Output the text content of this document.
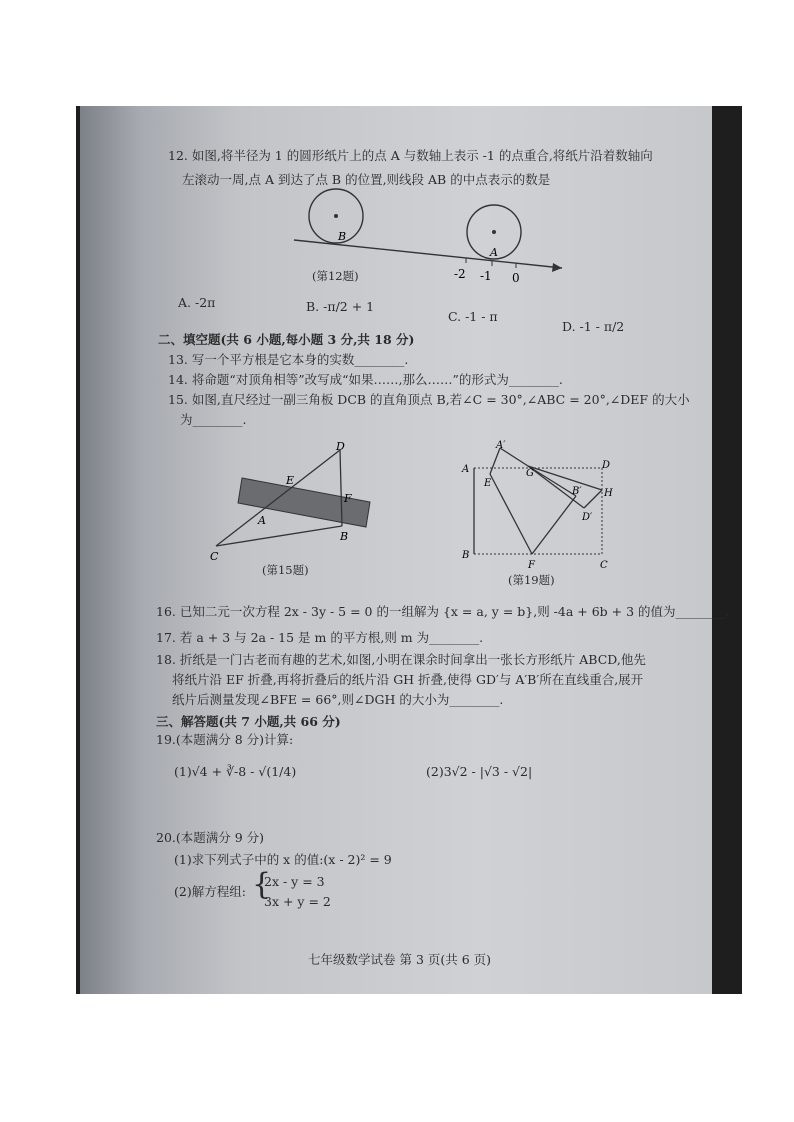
12. 如图,将半径为 1 的圆形纸片上的点 A 与数轴上表示 -1 的点重合,将纸片沿着数轴向
左滚动一周,点 A 到达了点 B 的位置,则线段 AB 的中点表示的数是
B
A
-2 -1 0
(第12题)
A. -2π	B. -π/2 + 1
C. -1 - π
D. -1 - π/2
二、填空题(共 6 小题,每小题 3 分,共 18 分)
13. 写一个平方根是它本身的实数________.
14. 将命题“对顶角相等”改写成“如果……,那么……”的形式为________.
15. 如图,直尺经过一副三角板 DCB 的直角顶点 B,若∠C = 30°,∠ABC = 20°,∠DEF 的大小
为________.
D
E
F
A
B
C
(第15题)
A′
A
E
G
D
B′ H
D′
B
F	C
(第19题)
16. 已知二元一次方程 2x - 3y - 5 = 0 的一组解为 {x = a, y = b},则 -4a + 6b + 3 的值为________.
17. 若 a + 3 与 2a - 15 是 m 的平方根,则 m 为________.
18. 折纸是一门古老而有趣的艺术,如图,小明在课余时间拿出一张长方形纸片 ABCD,他先
将纸片沿 EF 折叠,再将折叠后的纸片沿 GH 折叠,使得 GD′与 A′B′所在直线重合,展开
纸片后测量发现∠BFE = 66°,则∠DGH 的大小为________.
三、解答题(共 7 小题,共 66 分)
19.(本题满分 8 分)计算:
(1)√4 + ∛-8 - √(1/4)	(2)3√2 - |√3 - √2|
20.(本题满分 9 分)
(1)求下列式子中的 x 的值:(x - 2)² = 9
(2)解方程组: {
2x - y = 3
3x + y = 2
七年级数学试卷 第 3 页(共 6 页)
